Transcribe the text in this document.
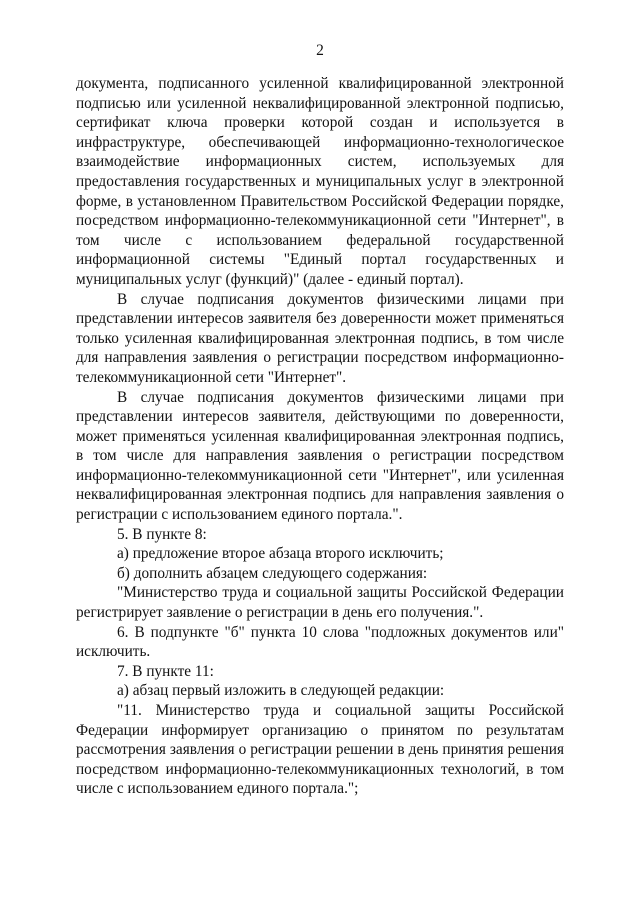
2

документа, подписанного усиленной квалифицированной электронной подписью или усиленной неквалифицированной электронной подписью, сертификат ключа проверки которой создан и используется в инфраструктуре, обеспечивающей информационно-технологическое взаимодействие информационных систем, используемых для предоставления государственных и муниципальных услуг в электронной форме, в установленном Правительством Российской Федерации порядке, посредством информационно-телекоммуникационной сети "Интернет", в том числе с использованием федеральной государственной информационной системы "Единый портал государственных и муниципальных услуг (функций)" (далее - единый портал).

В случае подписания документов физическими лицами при представлении интересов заявителя без доверенности может применяться только усиленная квалифицированная электронная подпись, в том числе для направления заявления о регистрации посредством информационно-телекоммуникационной сети "Интернет".

В случае подписания документов физическими лицами при представлении интересов заявителя, действующими по доверенности, может применяться усиленная квалифицированная электронная подпись, в том числе для направления заявления о регистрации посредством информационно-телекоммуникационной сети "Интернет", или усиленная неквалифицированная электронная подпись для направления заявления о регистрации с использованием единого портала.".

5. В пункте 8:

а) предложение второе абзаца второго исключить;

б) дополнить абзацем следующего содержания:

"Министерство труда и социальной защиты Российской Федерации регистрирует заявление о регистрации в день его получения.".

6. В подпункте "б" пункта 10 слова "подложных документов или" исключить.

7. В пункте 11:

а) абзац первый изложить в следующей редакции:

"11. Министерство труда и социальной защиты Российской Федерации информирует организацию о принятом по результатам рассмотрения заявления о регистрации решении в день принятия решения посредством информационно-телекоммуникационных технологий, в том числе с использованием единого портала.";
